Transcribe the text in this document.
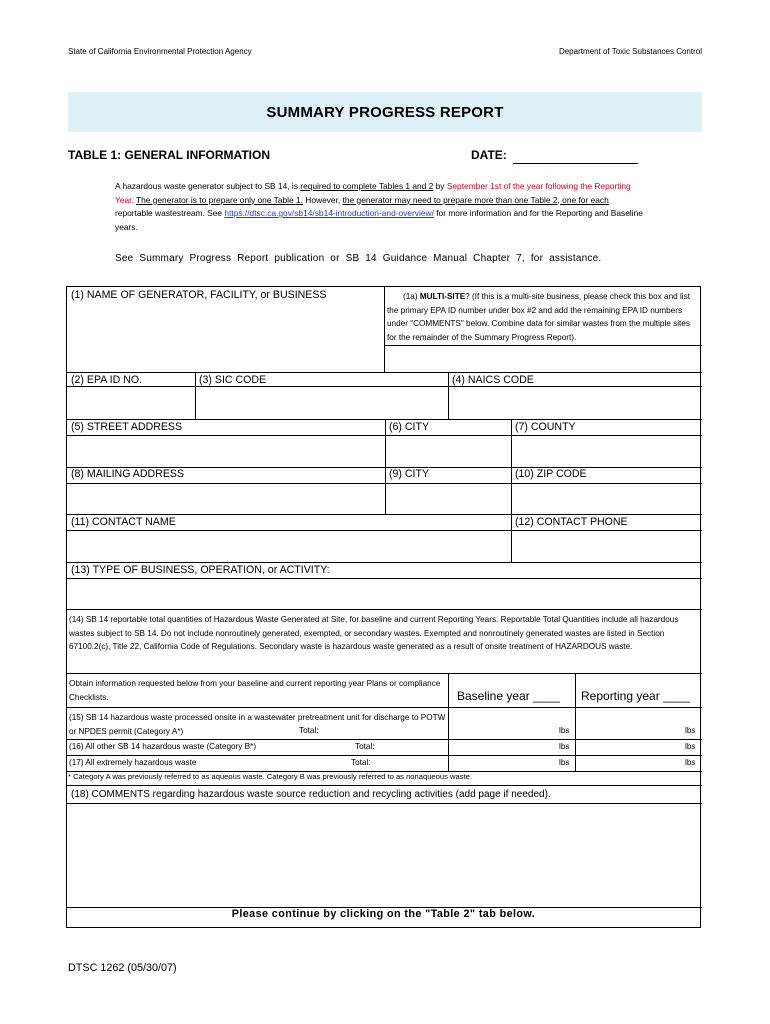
State of California Environmental Protection Agency	Department of Toxic Substances Control
SUMMARY PROGRESS REPORT
TABLE 1: GENERAL INFORMATION	DATE:
A hazardous waste generator subject to SB 14, is required to complete Tables 1 and 2 by September 1st of the year following the Reporting Year. The generator is to prepare only one Table 1. However, the generator may need to prepare more than one Table 2, one for each reportable wastestream. See https://dtsc.ca.gov/sb14/sb14-introduction-and-overview/ for more information and for the Reporting and Baseline years.
See Summary Progress Report publication or SB 14 Guidance Manual Chapter 7, for assistance.
(1) NAME OF GENERATOR, FACILITY, or BUSINESS	(1a) MULTI-SITE? (If this is a multi-site business, please check this box and list the primary EPA ID number under box #2 and add the remaining EPA ID numbers under "COMMENTS" below. Combine data for similar wastes from the multiple sites for the remainder of the Summary Progress Report).
(2) EPA ID NO.	(3) SIC CODE	(4) NAICS CODE
(5) STREET ADDRESS	(6) CITY	(7) COUNTY
(8) MAILING ADDRESS	(9) CITY	(10) ZIP CODE
(11) CONTACT NAME	(12) CONTACT PHONE
(13) TYPE OF BUSINESS, OPERATION, or ACTIVITY:
(14) SB 14 reportable total quantities of Hazardous Waste Generated at Site, for baseline and current Reporting Years. Reportable Total Quantities include all hazardous wastes subject to SB 14. Do not include nonroutinely generated, exempted, or secondary wastes. Exempted and nonroutinely generated wastes are listed in Section 67100.2(c), Title 22, California Code of Regulations. Secondary waste is hazardous waste generated as a result of onsite treatment of HAZARDOUS waste.
Obtain information requested below from your baseline and current reporting year Plans or compliance Checklists.	Baseline year ____ Reporting year ____
(15) SB 14 hazardous waste processed onsite in a wastewater pretreatment unit for discharge to POTW or NPDES permit (Category A*)	Total:	lbs	lbs
(16) All other SB 14 hazardous waste (Category B*)	Total:	lbs	lbs
(17) All extremely hazardous waste	Total:	lbs	lbs
(18) COMMENTS regarding hazardous waste source reduction and recycling activities (add page if needed).
* Category A was previously referred to as aqueous waste. Category B was previously referred to as nonaqueous waste.
Please continue by clicking on the "Table 2" tab below.
DTSC 1262 (05/30/07)
